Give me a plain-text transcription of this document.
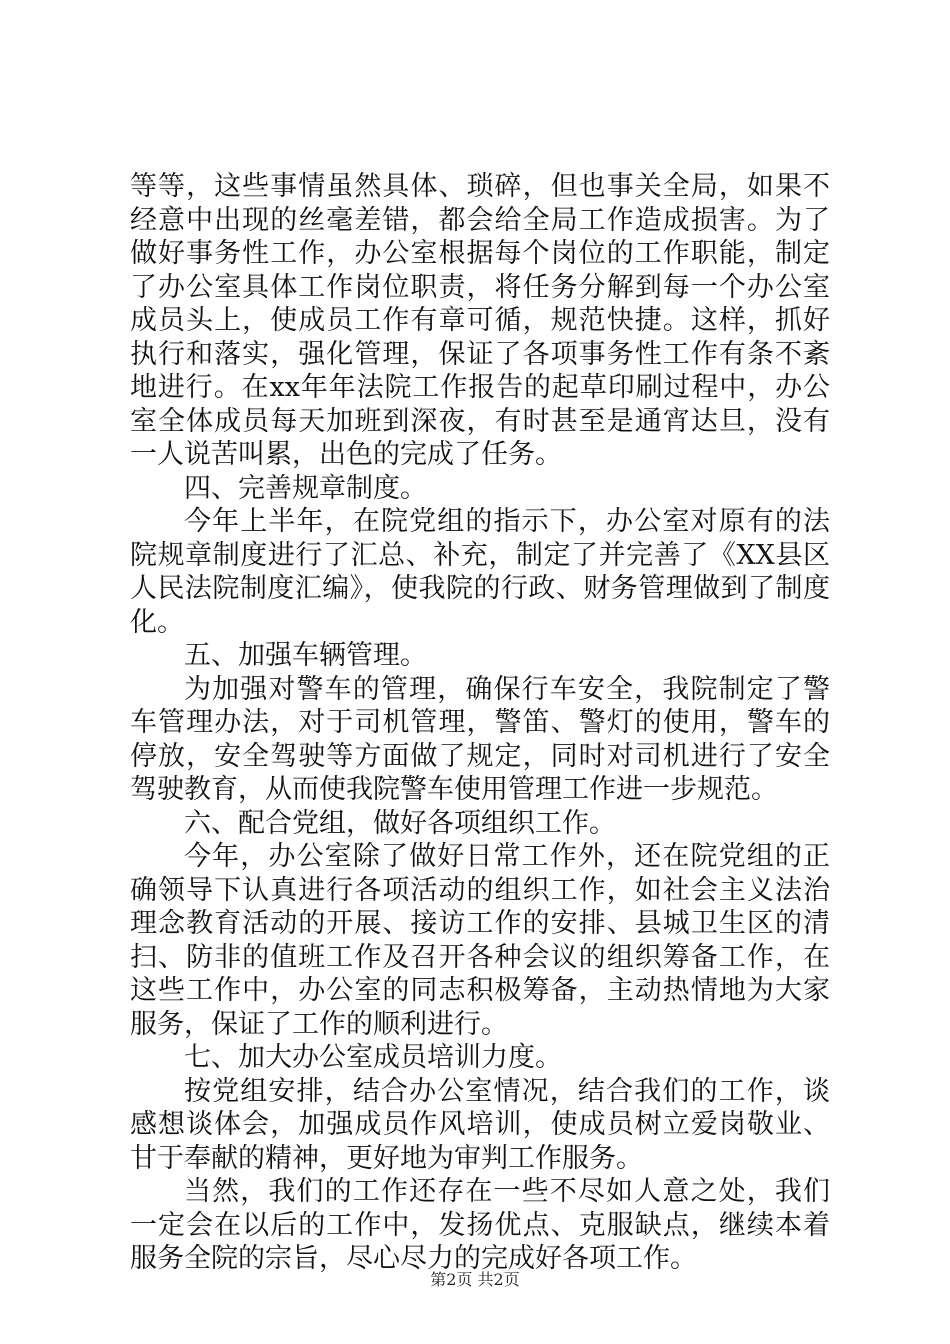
等等，这些事情虽然具体、琐碎，但也事关全局，如果不经意中出现的丝毫差错，都会给全局工作造成损害。为了做好事务性工作，办公室根据每个岗位的工作职能，制定了办公室具体工作岗位职责，将任务分解到每一个办公室成员头上，使成员工作有章可循，规范快捷。这样，抓好执行和落实，强化管理，保证了各项事务性工作有条不紊地进行。在xx年年法院工作报告的起草印刷过程中，办公室全体成员每天加班到深夜，有时甚至是通宵达旦，没有一人说苦叫累，出色的完成了任务。

四、完善规章制度。

今年上半年，在院党组的指示下，办公室对原有的法院规章制度进行了汇总、补充，制定了并完善了《XX县区人民法院制度汇编》，使我院的行政、财务管理做到了制度化。

五、加强车辆管理。

为加强对警车的管理，确保行车安全，我院制定了警车管理办法，对于司机管理，警笛、警灯的使用，警车的停放，安全驾驶等方面做了规定，同时对司机进行了安全驾驶教育，从而使我院警车使用管理工作进一步规范。

六、配合党组，做好各项组织工作。

今年，办公室除了做好日常工作外，还在院党组的正确领导下认真进行各项活动的组织工作，如社会主义法治理念教育活动的开展、接访工作的安排、县城卫生区的清扫、防非的值班工作及召开各种会议的组织筹备工作，在这些工作中，办公室的同志积极筹备，主动热情地为大家服务，保证了工作的顺利进行。

七、加大办公室成员培训力度。

按党组安排，结合办公室情况，结合我们的工作，谈感想谈体会，加强成员作风培训，使成员树立爱岗敬业、甘于奉献的精神，更好地为审判工作服务。

当然，我们的工作还存在一些不尽如人意之处，我们一定会在以后的工作中，发扬优点、克服缺点，继续本着服务全院的宗旨，尽心尽力的完成好各项工作。

第2页 共2页
